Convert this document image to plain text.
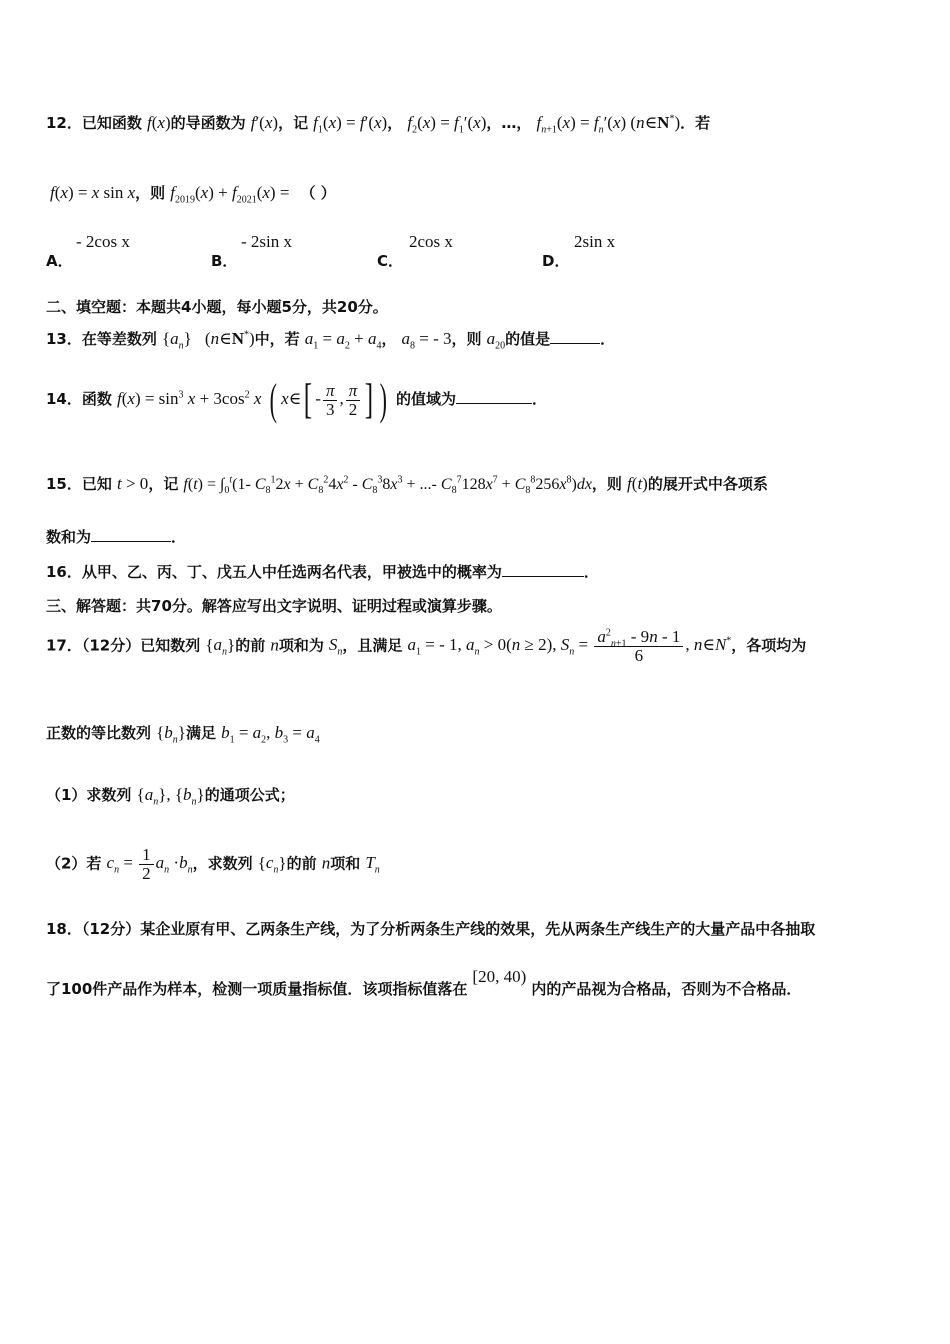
12．已知函数 f(x)的导函数为 f′(x)，记 $f_1(x) = f'(x)$， $f_2(x) = f_1'(x)$，…， $f_{n+1}(x) = f_n'(x)$ (n∈N*)．若
f(x) = x sin x，则 $f_{2019}(x) + f_{2021}(x)$ = （ ）
A．
- 2cos x
B．
- 2sin x
C．
2cos x
D．
2sin x
二、填空题：本题共4小题，每小题5分，共20分。
13．在等差数列 $\{a_n\}$ (n∈N*)中，若 $a_1 = a_2 + a_4$， $a_8$ = - 3，则 $a_{20}$的值是	．
14．函数 $f(x) = \sin^3 x + 3\cos^2$ x ( x∈[ - $\frac{\pi}{3}$ , $\frac{\pi}{2}$ ] ) 的值域为	．
15．已知 t > 0，记 $f(t) = \int_0^t(1-$ $C_8^12x + C_8^24x^2 - C_8^38x^3$ + ...- $C_8^7128x^7 + C_8^8256x^8)dx$，则 f(t)的展开式中各项系
数和为	．
16．从甲、乙、丙、丁、戊五人中任选两名代表，甲被选中的概率为	．
三、解答题：共70分。解答应写出文字说明、证明过程或演算步骤。
17．（12分）已知数列 $\{a_n\}$的前 n项和为 $S_n$，且满足 $a_1$ = - 1, $a_n > 0(n \ge 2)$, $S_n = \frac{a^2_{n+1} - 9n - 1}{6}$ , n∈N*，各项均为
正数的等比数列 $\{b_n\}$满足 $b_1 = a_2$, $b_3 = a_4$
（1）求数列 $\{a_n\}$, $\{b_n\}$的通项公式；
（2）若 $c_n = \frac{1}{2} a_n \cdot b_n$，求数列 $\{c_n\}$的前 n项和 $T_n$
18．（12分）某企业原有甲、乙两条生产线，为了分析两条生产线的效果，先从两条生产线生产的大量产品中各抽取
了100件产品作为样本，检测一项质量指标值．该项指标值落在 [20, 40) 内的产品视为合格品，否则为不合格品．
